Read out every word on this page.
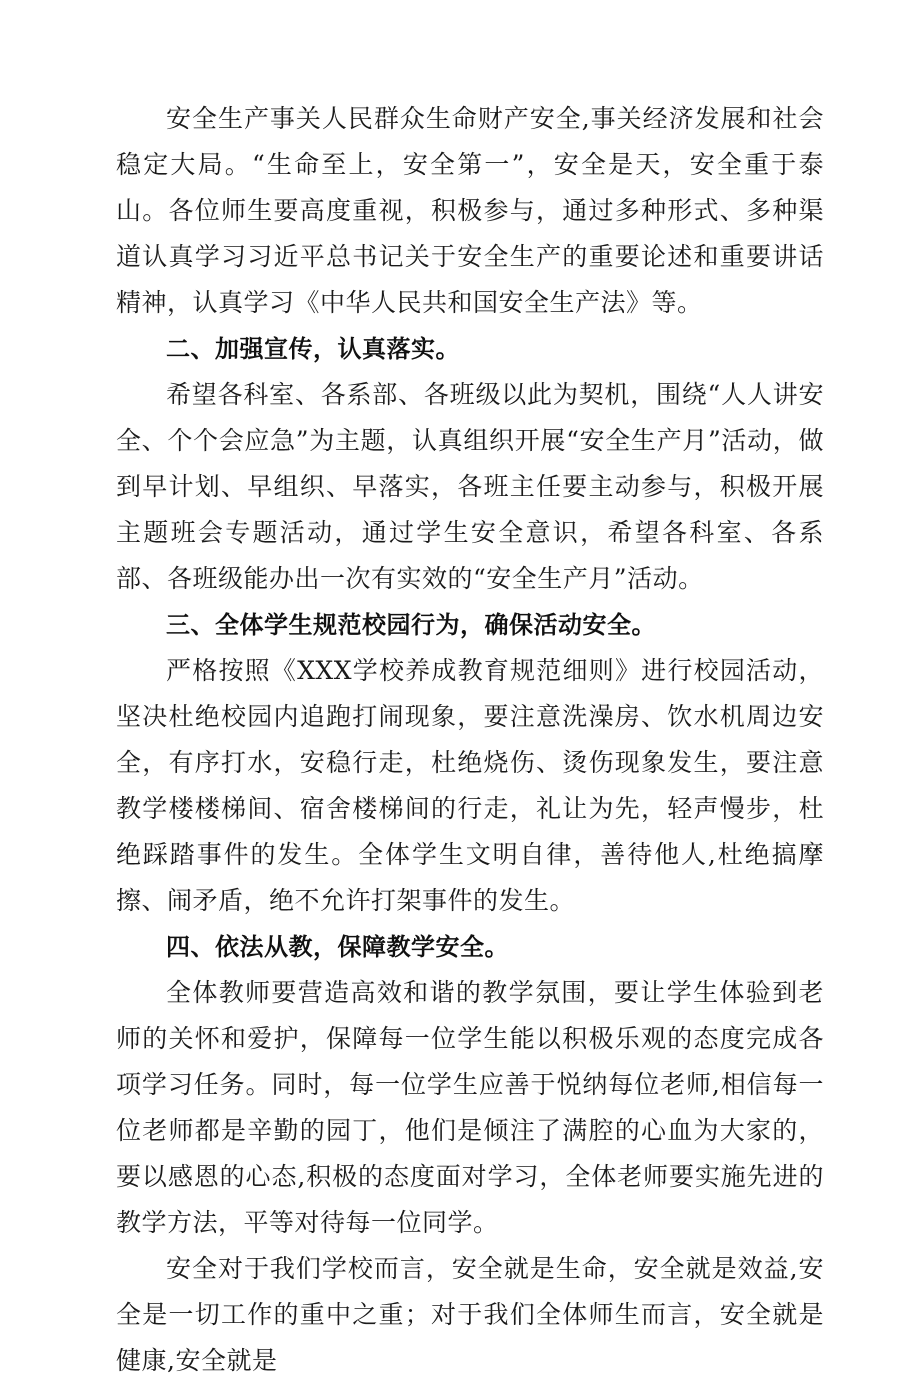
安全生产事关人民群众生命财产安全,事关经济发展和社会稳定大局。“生命至上，安全第一”，安全是天，安全重于泰山。各位师生要高度重视，积极参与，通过多种形式、多种渠道认真学习习近平总书记关于安全生产的重要论述和重要讲话精神，认真学习《中华人民共和国安全生产法》等。

二、加强宣传，认真落实。

希望各科室、各系部、各班级以此为契机，围绕“人人讲安全、个个会应急”为主题，认真组织开展“安全生产月”活动，做到早计划、早组织、早落实，各班主任要主动参与，积极开展主题班会专题活动，通过学生安全意识，希望各科室、各系部、各班级能办出一次有实效的“安全生产月”活动。

三、全体学生规范校园行为，确保活动安全。

严格按照《XXX学校养成教育规范细则》进行校园活动，坚决杜绝校园内追跑打闹现象，要注意洗澡房、饮水机周边安全，有序打水，安稳行走，杜绝烧伤、烫伤现象发生，要注意教学楼楼梯间、宿舍楼梯间的行走，礼让为先，轻声慢步，杜绝踩踏事件的发生。全体学生文明自律，善待他人,杜绝搞摩擦、闹矛盾，绝不允许打架事件的发生。

四、依法从教，保障教学安全。

全体教师要营造高效和谐的教学氛围，要让学生体验到老师的关怀和爱护，保障每一位学生能以积极乐观的态度完成各项学习任务。同时，每一位学生应善于悦纳每位老师,相信每一位老师都是辛勤的园丁，他们是倾注了满腔的心血为大家的，要以感恩的心态,积极的态度面对学习，全体老师要实施先进的教学方法，平等对待每一位同学。

安全对于我们学校而言，安全就是生命，安全就是效益,安全是一切工作的重中之重；对于我们全体师生而言，安全就是健康,安全就是
